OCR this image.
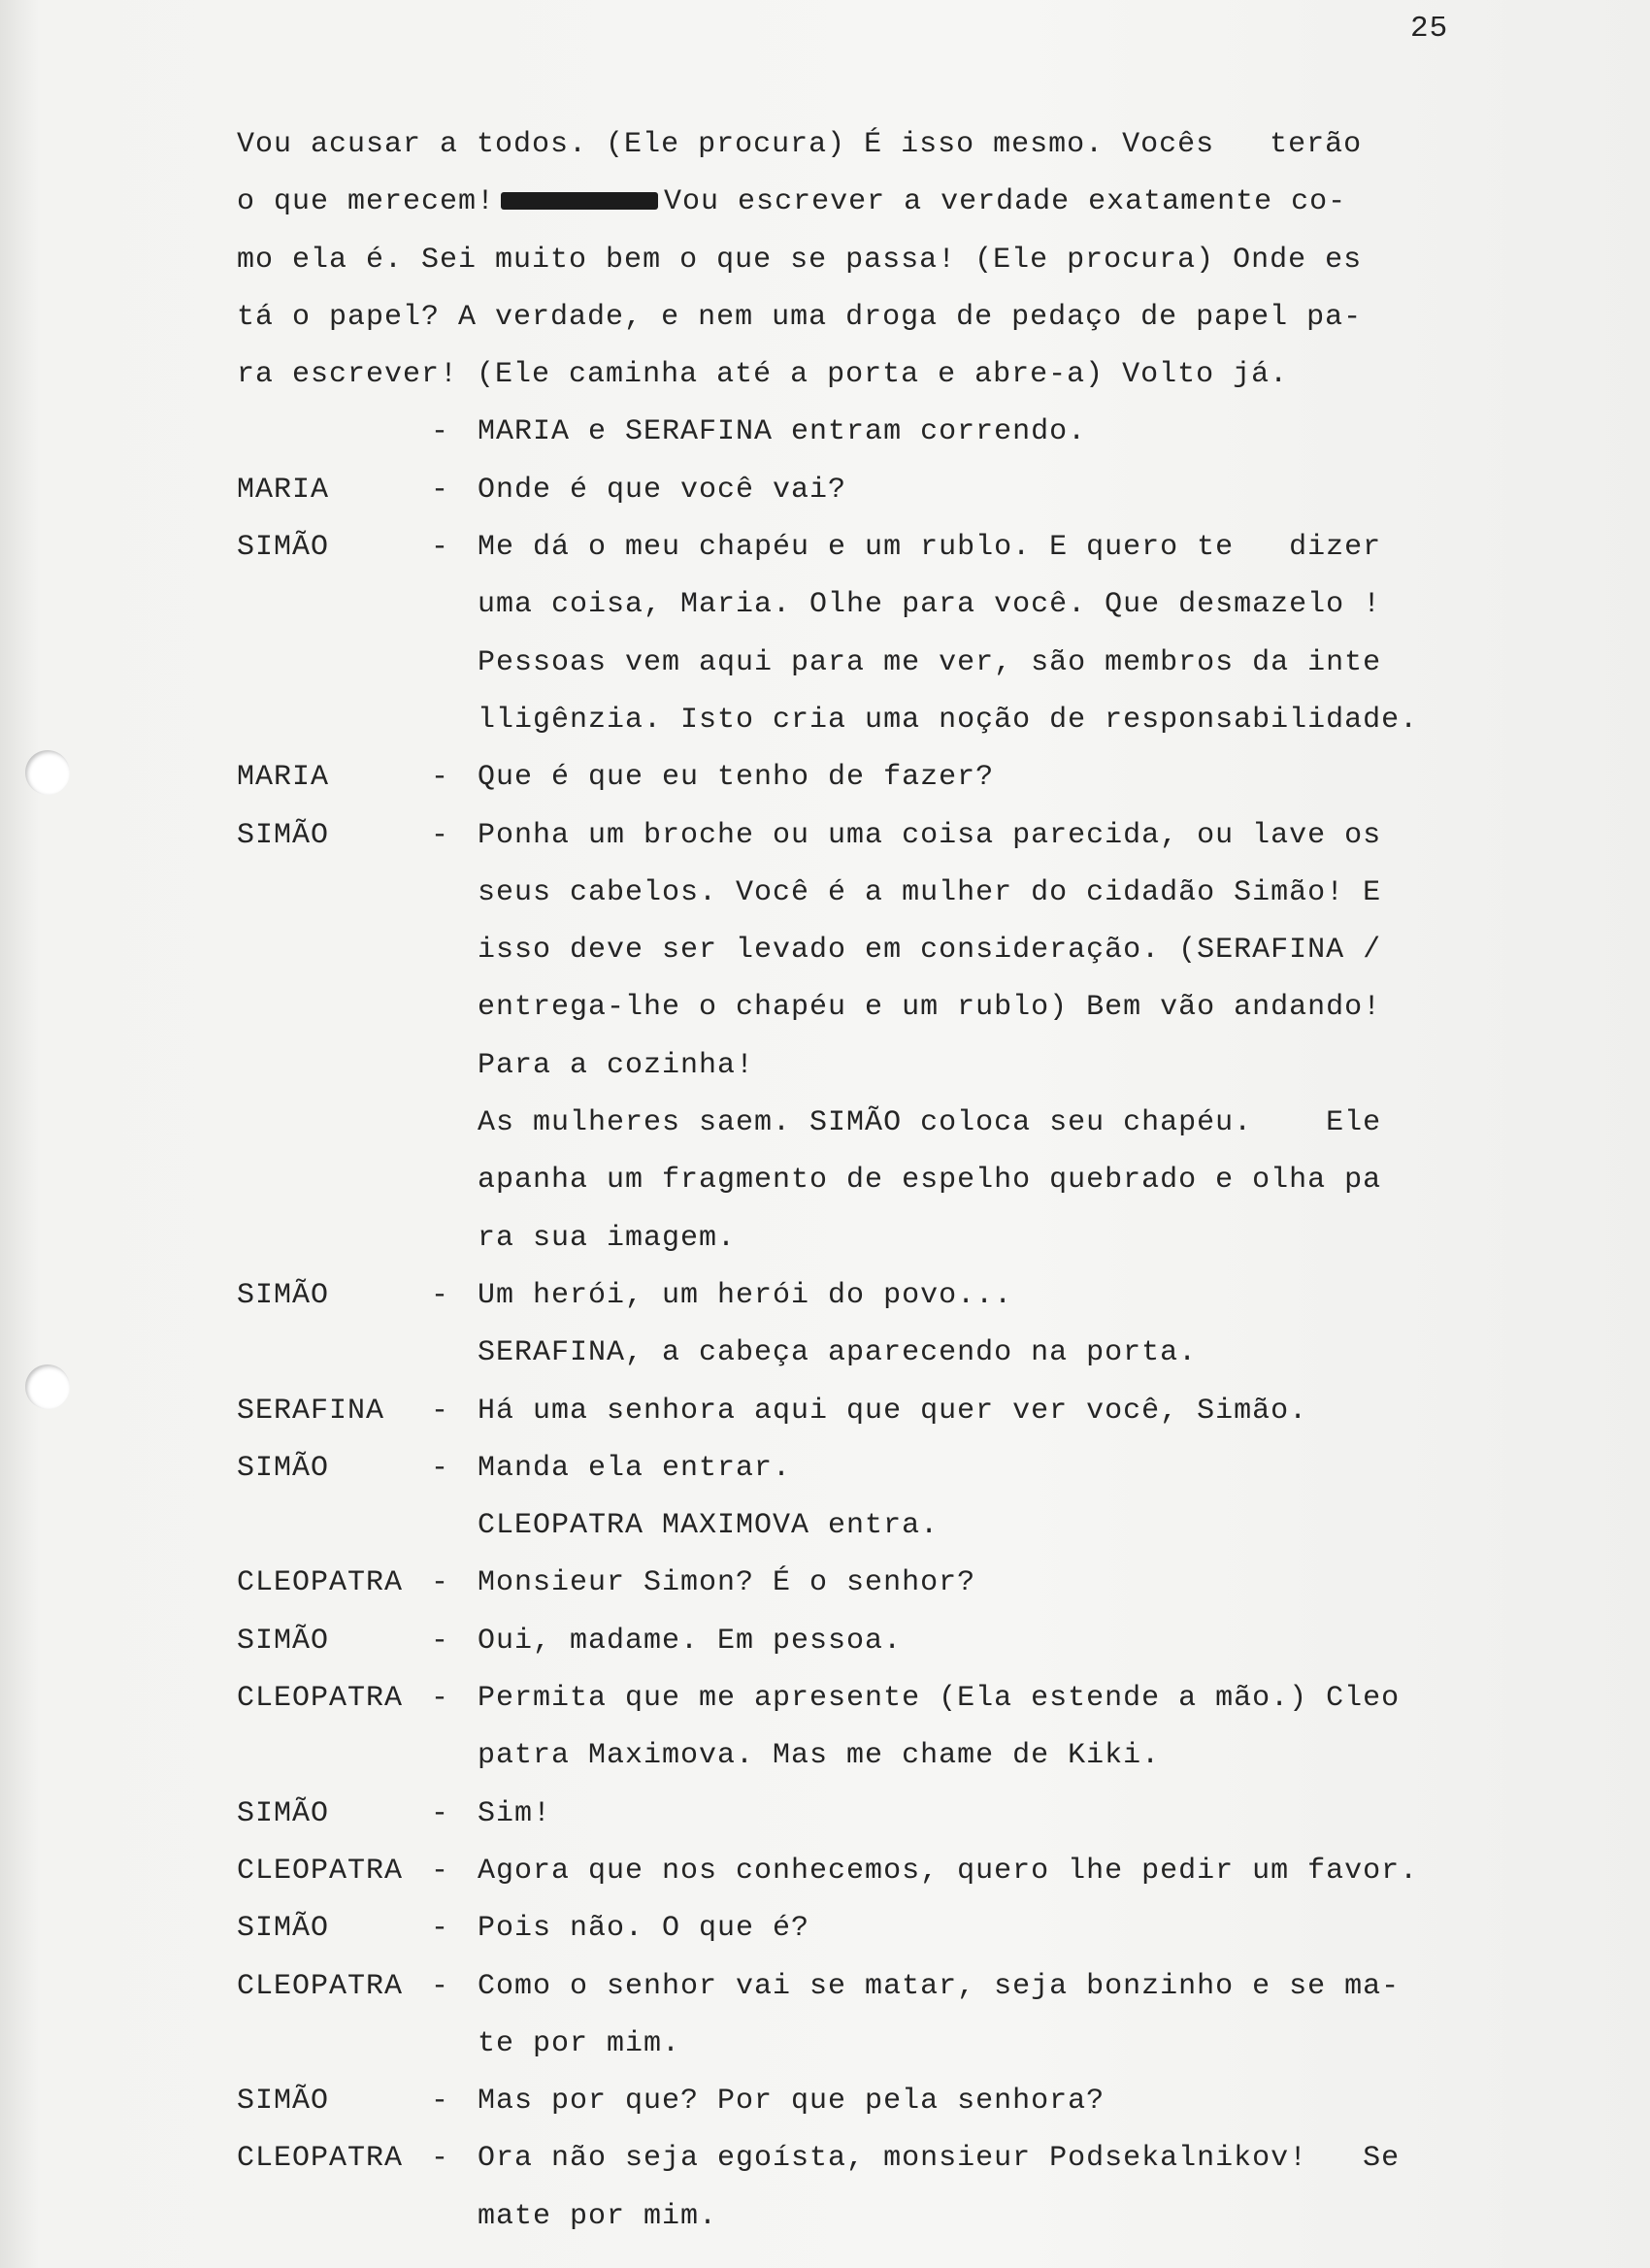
25
Vou acusar a todos. (Ele procura) É isso mesmo. Vocês   terão
o que merecem!	Vou escrever a verdade exatamente co-
mo ela é. Sei muito bem o que se passa! (Ele procura) Onde es
tá o papel? A verdade, e nem uma droga de pedaço de papel pa-
ra escrever! (Ele caminha até a porta e abre-a) Volto já.
- MARIA e SERAFINA entram correndo.
MARIA	- Onde é que você vai?
SIMÃO	- Me dá o meu chapéu e um rublo. E quero te   dizer
uma coisa, Maria. Olhe para você. Que desmazelo !
Pessoas vem aqui para me ver, são membros da inte
lligênzia. Isto cria uma noção de responsabilidade.
MARIA	- Que é que eu tenho de fazer?
SIMÃO	- Ponha um broche ou uma coisa parecida, ou lave os
seus cabelos. Você é a mulher do cidadão Simão! E
isso deve ser levado em consideração. (SERAFINA /
entrega-lhe o chapéu e um rublo) Bem vão andando!
Para a cozinha!
As mulheres saem. SIMÃO coloca seu chapéu.    Ele
apanha um fragmento de espelho quebrado e olha pa
ra sua imagem.
SIMÃO	- Um herói, um herói do povo...
SERAFINA, a cabeça aparecendo na porta.
SERAFINA	- Há uma senhora aqui que quer ver você, Simão.
SIMÃO	- Manda ela entrar.
CLEOPATRA MAXIMOVA entra.
CLEOPATRA - Monsieur Simon? É o senhor?
SIMÃO	- Oui, madame. Em pessoa.
CLEOPATRA - Permita que me apresente (Ela estende a mão.) Cleo
patra Maximova. Mas me chame de Kiki.
SIMÃO	- Sim!
CLEOPATRA - Agora que nos conhecemos, quero lhe pedir um favor.
SIMÃO	- Pois não. O que é?
CLEOPATRA - Como o senhor vai se matar, seja bonzinho e se ma-
te por mim.
SIMÃO	- Mas por que? Por que pela senhora?
CLEOPATRA - Ora não seja egoísta, monsieur Podsekalnikov!   Se
mate por mim.
